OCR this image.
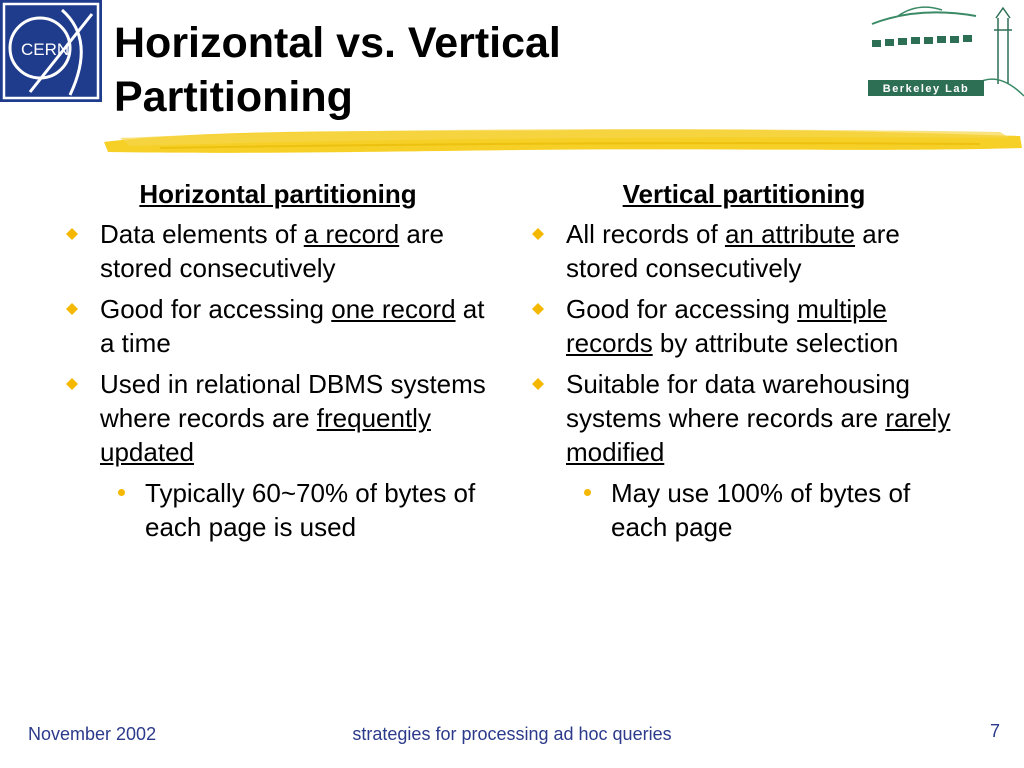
CERN Horizontal vs. Vertical
Partitioning	Berkeley Lab
Horizontal partitioning
Data elements of a record are stored consecutively
Good for accessing one record at a time
Used in relational DBMS systems where records are frequently updated
Typically 60~70% of bytes of each page is used
Vertical partitioning
All records of an attribute are stored consecutively
Good for accessing multiple records by attribute selection
Suitable for data warehousing systems where records are rarely modified
May use 100% of bytes of each page
November 2002	strategies for processing ad hoc queries	7
